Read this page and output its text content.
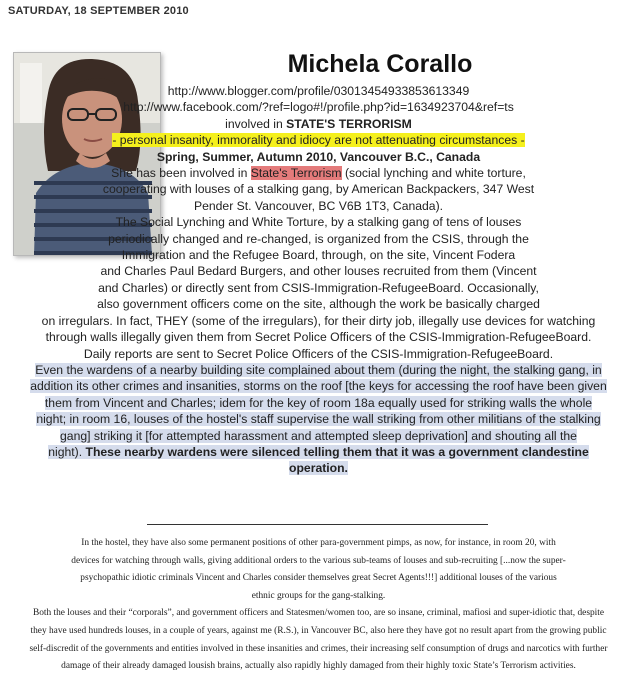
SATURDAY, 18 SEPTEMBER 2010
Michela Corallo
http://www.blogger.com/profile/03013454933853613349
http://www.facebook.com/?ref=logo#!/profile.php?id=1634923704&ref=ts
involved in STATE'S TERRORISM
- personal insanity, immorality and idiocy are not attenuating circumstances -
Spring, Summer, Autumn 2010, Vancouver B.C., Canada
She has been involved in State's Terrorism (social lynching and white torture,
cooperating with louses of a stalking gang, by American Backpackers, 347 West
Pender St. Vancouver, BC V6B 1T3, Canada).
The Social Lynching and White Torture, by a stalking gang of tens of louses
periodically changed and re-changed, is organized from the CSIS, through the
Immigration and the Refugee Board, through, on the site, Vincent Fodera
and Charles Paul Bedard Burgers, and other louses recruited from them (Vincent
and Charles) or directly sent from CSIS-Immigration-RefugeeBoard. Occasionally,
also government officers come on the site, although the work be basically charged
on irregulars. In fact, THEY (some of the irregulars), for their dirty job, illegally use devices for watching
through walls illegally given them from Secret Police Officers of the CSIS-Immigration-RefugeeBoard.
Daily reports are sent to Secret Police Officers of the CSIS-Immigration-RefugeeBoard.
Even the wardens of a nearby building site complained about them (during the night, the stalking gang, in
addition its other crimes and insanities, storms on the roof [the keys for accessing the roof have been given
them from Vincent and Charles; idem for the key of room 18a equally used for striking walls the whole
night; in room 16, louses of the hostel's staff supervise the wall striking from other militians of the stalking
gang] striking it [for attempted harassment and attempted sleep deprivation] and shouting all the
night). These nearby wardens were silenced telling them that it was a government clandestine
operation.
In the hostel, they have also some permanent positions of other para-government pimps, as now, for instance, in room 20, with
devices for watching through walls, giving additional orders to the various sub-teams of louses and sub-recruiting [...now the super-
psychopathic idiotic criminals Vincent and Charles consider themselves great Secret Agents!!!] additional louses of the various
ethnic groups for the gang-stalking.
Both the louses and their “corporals”, and government officers and Statesmen/women too, are so insane, criminal, mafiosi and super-idiotic that, despite
they have used hundreds louses, in a couple of years, against me (R.S.), in Vancouver BC, also here they have got no result apart from the growing public
self-discredit of the governments and entities involved in these insanities and crimes, their increasing self consumption of drugs and narcotics with further
damage of their already damaged lousish brains, actually also rapidly highly damaged from their highly toxic State’s Terrorism activities.
